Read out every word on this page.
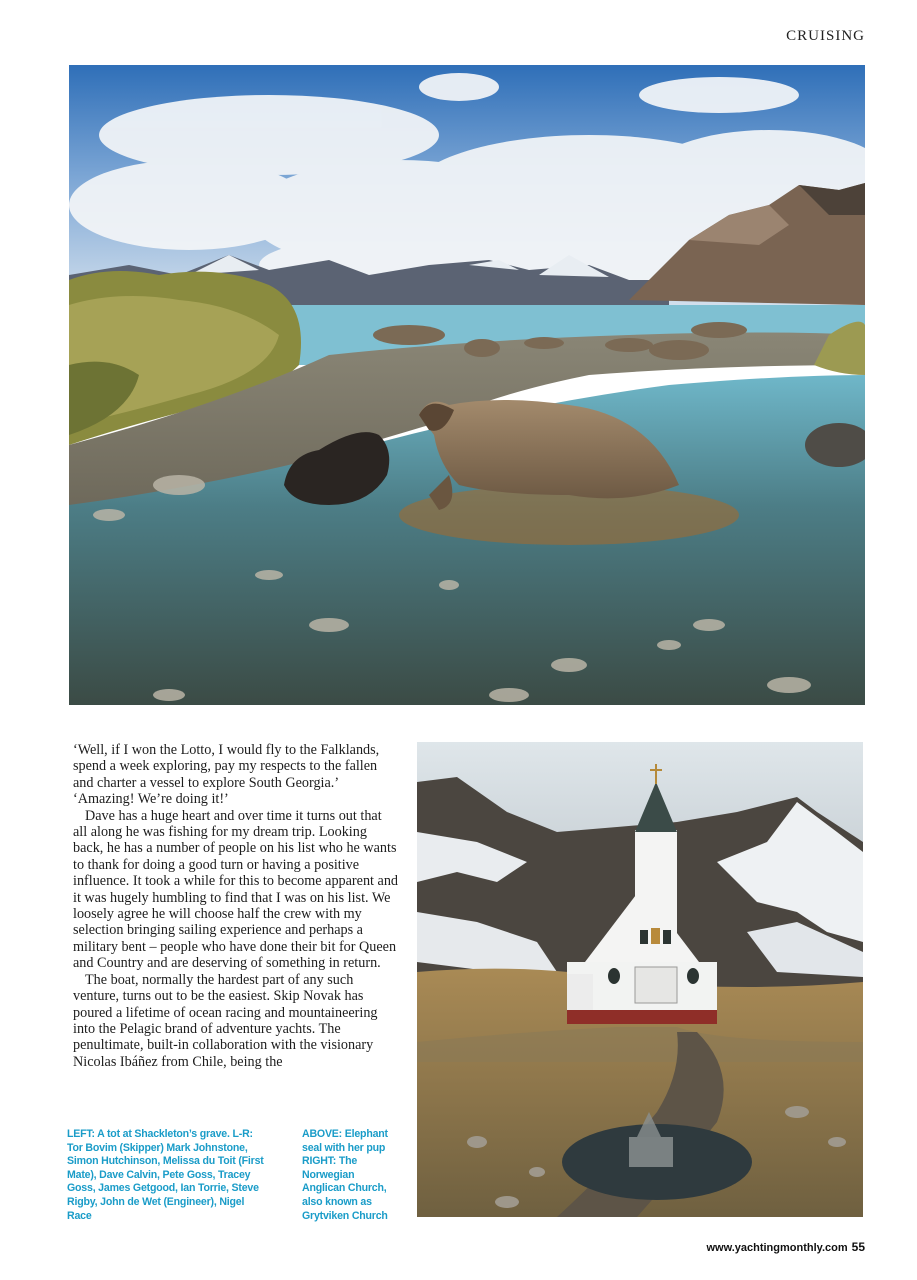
CRUISING

‘Well, if I won the Lotto, I would fly to the Falklands, spend a week exploring, pay my respects to the fallen and charter a vessel to explore South Georgia.’

‘Amazing! We’re doing it!’

Dave has a huge heart and over time it turns out that all along he was fishing for my dream trip. Looking back, he has a number of people on his list who he wants to thank for doing a good turn or having a positive influence. It took a while for this to become apparent and it was hugely humbling to find that I was on his list. We loosely agree he will choose half the crew with my selection bringing sailing experience and perhaps a military bent – people who have done their bit for Queen and Country and are deserving of something in return.

The boat, normally the hardest part of any such venture, turns out to be the easiest. Skip Novak has poured a lifetime of ocean racing and mountaineering into the Pelagic brand of adventure yachts. The penultimate, built-in collaboration with the visionary Nicolas Ibáñez from Chile, being the

LEFT: A tot at Shackleton’s grave. L-R: Tor Bovim (Skipper) Mark Johnstone, Simon Hutchinson, Melissa du Toit (First Mate), Dave Calvin, Pete Goss, Tracey Goss, James Getgood, Ian Torrie, Steve Rigby, John de Wet (Engineer), Nigel Race
ABOVE: Elephant seal with her pup
RIGHT: The Norwegian Anglican Church, also known as Grytviken Church
www.yachtingmonthly.com 55
